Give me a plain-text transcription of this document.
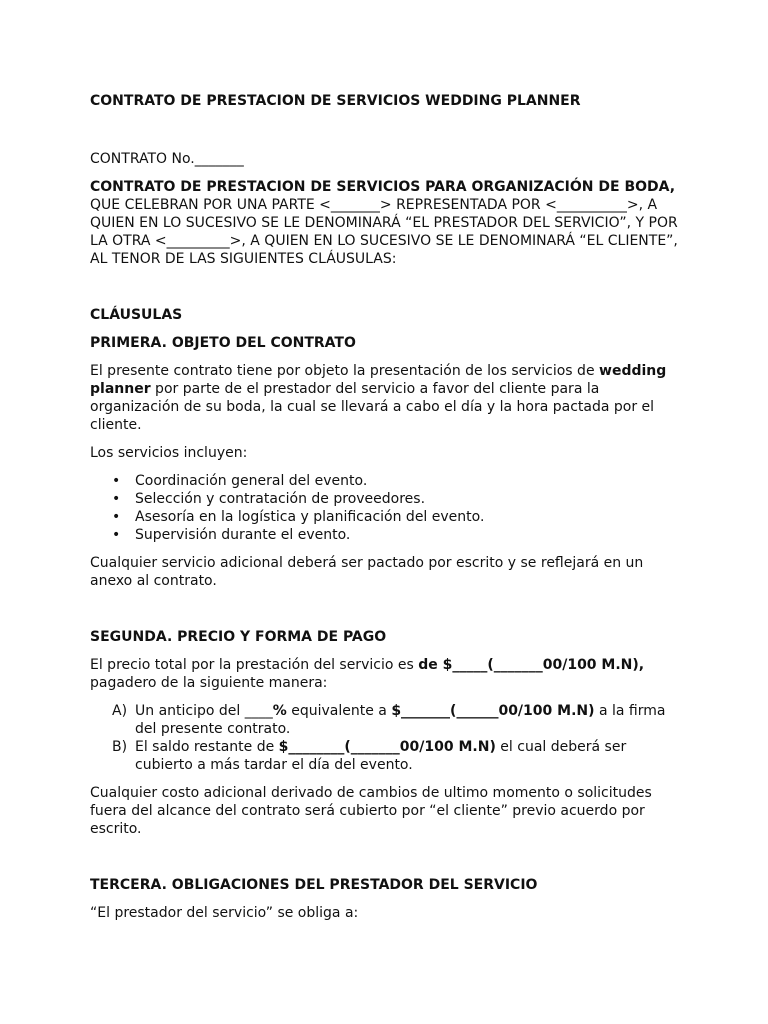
CONTRATO DE PRESTACION DE SERVICIOS WEDDING PLANNER

CONTRATO No._______

CONTRATO DE PRESTACION DE SERVICIOS PARA ORGANIZACIÓN DE BODA, QUE CELEBRAN POR UNA PARTE <_______> REPRESENTADA POR <__________>, A QUIEN EN LO SUCESIVO SE LE DENOMINARÁ “EL PRESTADOR DEL SERVICIO”, Y POR LA OTRA <_________>, A QUIEN EN LO SUCESIVO SE LE DENOMINARÁ “EL CLIENTE”, AL TENOR DE LAS SIGUIENTES CLÁUSULAS:

CLÁUSULAS

PRIMERA. OBJETO DEL CONTRATO

El presente contrato tiene por objeto la presentación de los servicios de wedding planner por parte de el prestador del servicio a favor del cliente para la organización de su boda, la cual se llevará a cabo el día y la hora pactada por el cliente.

Los servicios incluyen:

• Coordinación general del evento.
• Selección y contratación de proveedores.
• Asesoría en la logística y planificación del evento.
• Supervisión durante el evento.

Cualquier servicio adicional deberá ser pactado por escrito y se reflejará en un anexo al contrato.

SEGUNDA. PRECIO Y FORMA DE PAGO

El precio total por la prestación del servicio es de $_____(_______00/100 M.N), pagadero de la siguiente manera:

A) Un anticipo del ____% equivalente a $_______(______00/100 M.N) a la firma del presente contrato.
B) El saldo restante de $________(_______00/100 M.N) el cual deberá ser cubierto a más tardar el día del evento.

Cualquier costo adicional derivado de cambios de ultimo momento o solicitudes fuera del alcance del contrato será cubierto por “el cliente” previo acuerdo por escrito.

TERCERA. OBLIGACIONES DEL PRESTADOR DEL SERVICIO

“El prestador del servicio” se obliga a:
